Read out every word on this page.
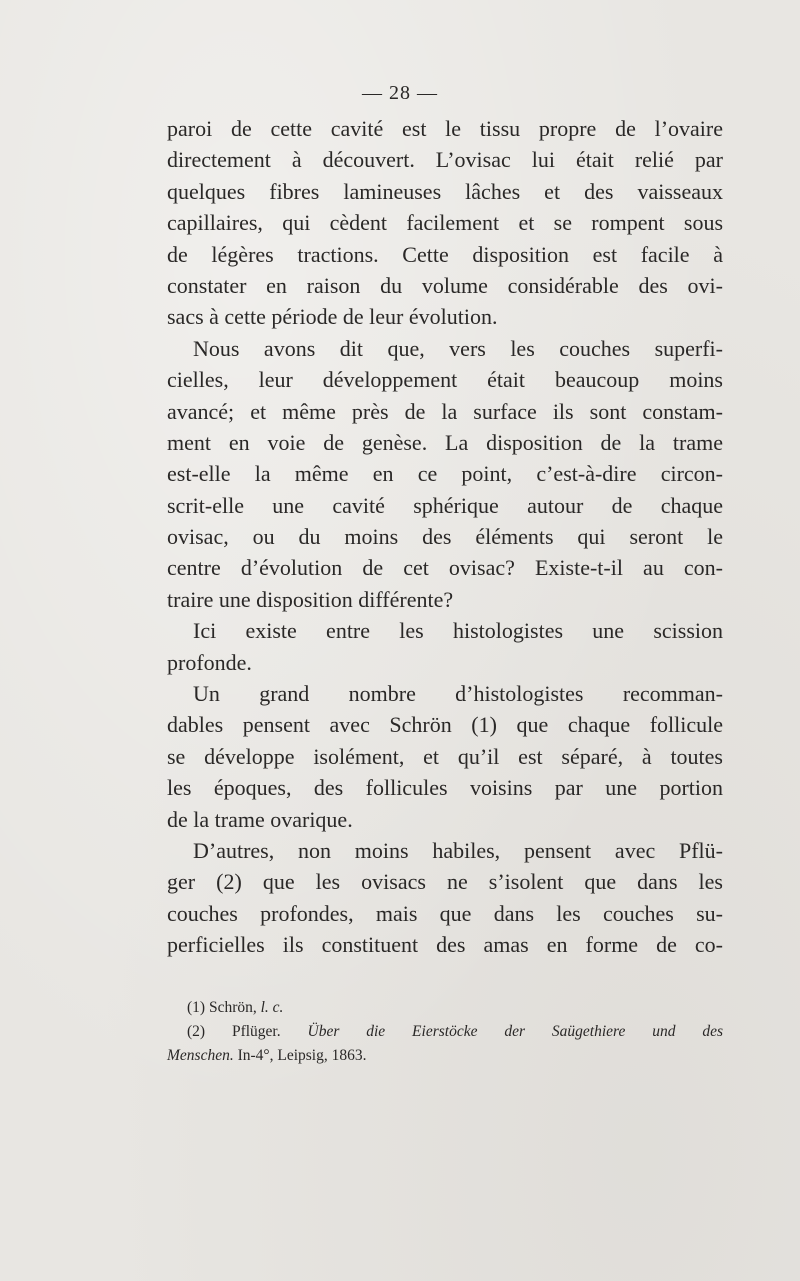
— 28 —
paroi de cette cavité est le tissu propre de l’ovaire
directement à découvert. L’ovisac lui était relié par
quelques fibres lamineuses lâches et des vaisseaux
capillaires, qui cèdent facilement et se rompent sous
de légères tractions. Cette disposition est facile à
constater en raison du volume considérable des ovi-
sacs à cette période de leur évolution.
Nous avons dit que, vers les couches superfi-
cielles, leur développement était beaucoup moins
avancé; et même près de la surface ils sont constam-
ment en voie de genèse. La disposition de la trame
est-elle la même en ce point, c’est-à-dire circon-
scrit-elle une cavité sphérique autour de chaque
ovisac, ou du moins des éléments qui seront le
centre d’évolution de cet ovisac? Existe-t-il au con-
traire une disposition différente?
Ici existe entre les histologistes une scission
profonde.
Un grand nombre d’histologistes recomman-
dables pensent avec Schrön (1) que chaque follicule
se développe isolément, et qu’il est séparé, à toutes
les époques, des follicules voisins par une portion
de la trame ovarique.
D’autres, non moins habiles, pensent avec Pflü-
ger (2) que les ovisacs ne s’isolent que dans les
couches profondes, mais que dans les couches su-
perficielles ils constituent des amas en forme de co-
(1) Schrön, l. c.
(2) Pflüger. Über die Eierstöcke der Saügethiere und des
Menschen. In-4°, Leipsig, 1863.
